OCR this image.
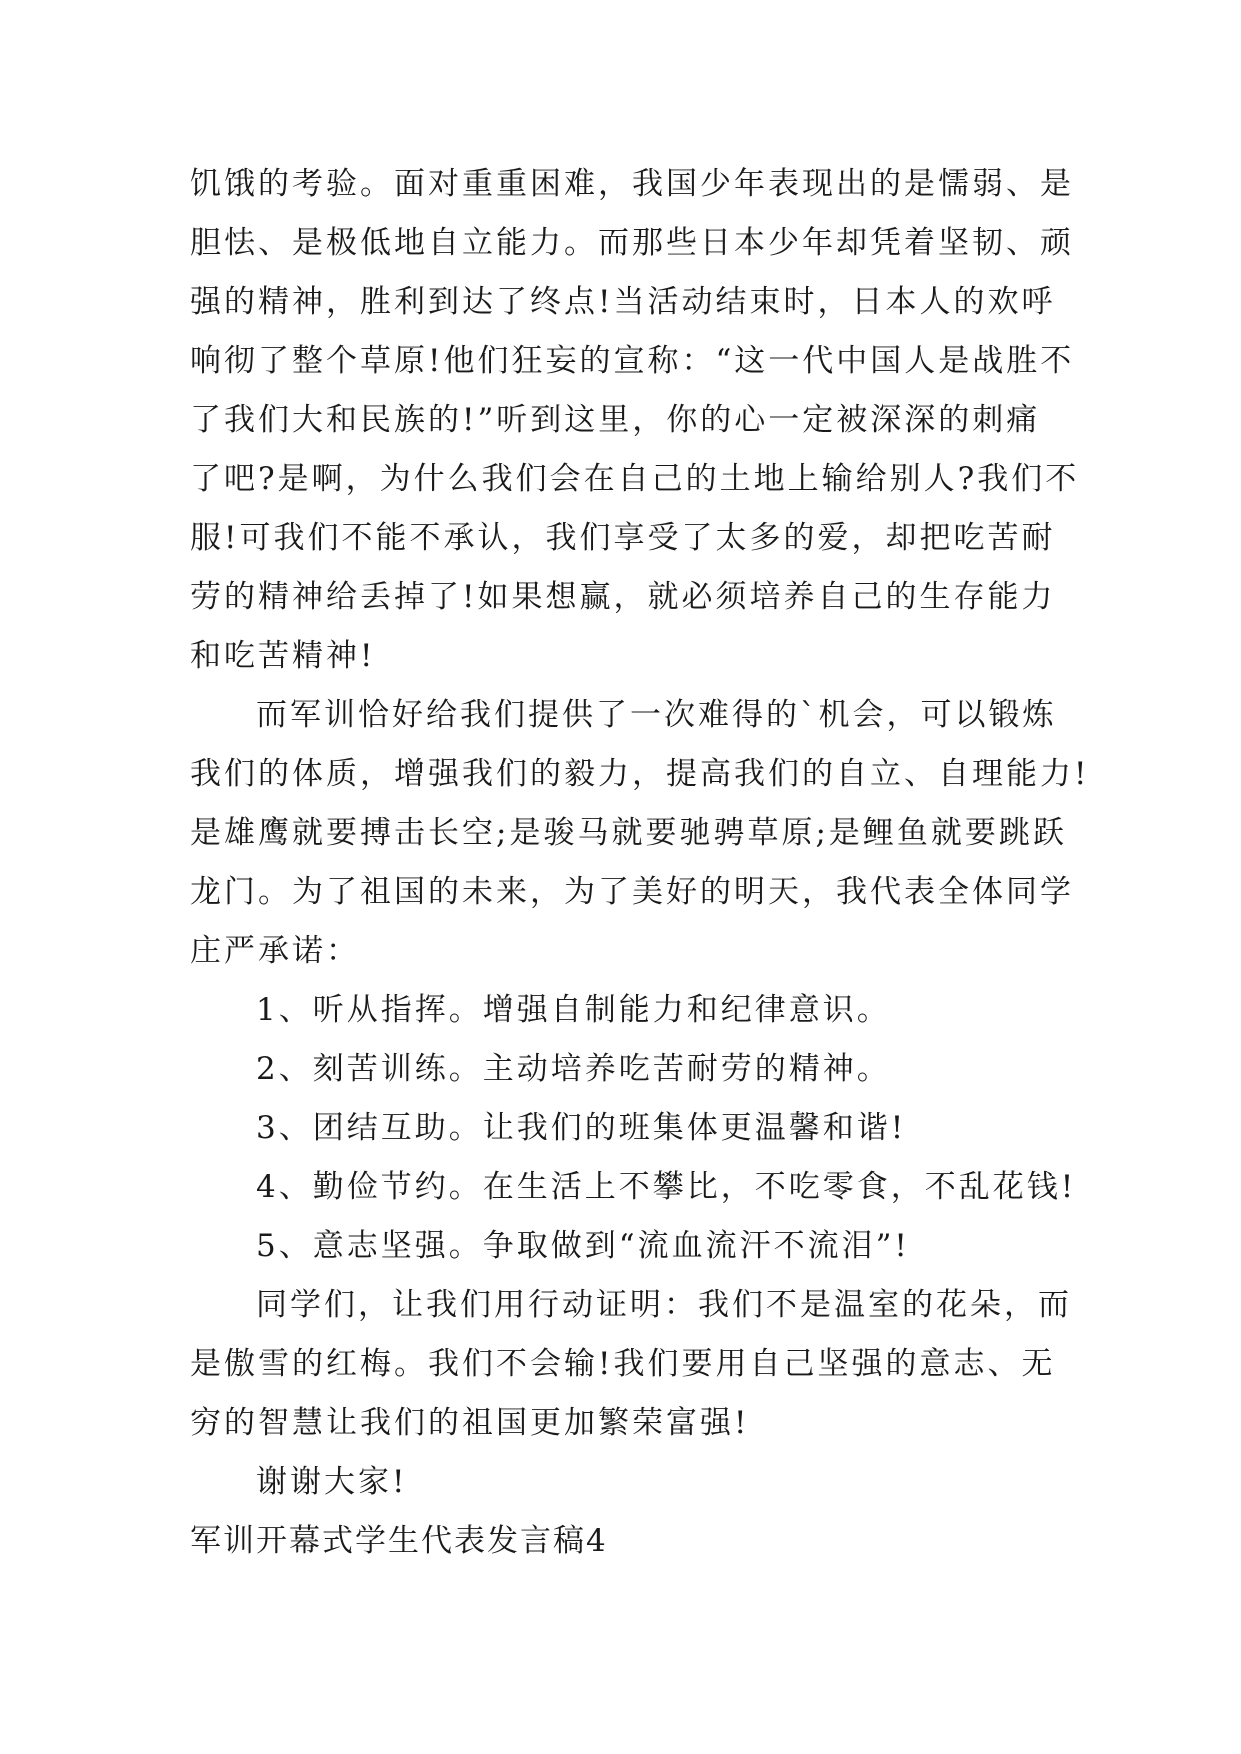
饥饿的考验。面对重重困难，我国少年表现出的是懦弱、是
胆怯、是极低地自立能力。而那些日本少年却凭着坚韧、顽
强的精神，胜利到达了终点!当活动结束时，日本人的欢呼
响彻了整个草原!他们狂妄的宣称：“这一代中国人是战胜不
了我们大和民族的!”听到这里，你的心一定被深深的刺痛
了吧?是啊，为什么我们会在自己的土地上输给别人?我们不
服!可我们不能不承认，我们享受了太多的爱，却把吃苦耐
劳的精神给丢掉了!如果想赢，就必须培养自己的生存能力
和吃苦精神!
而军训恰好给我们提供了一次难得的`机会，可以锻炼
我们的体质，增强我们的毅力，提高我们的自立、自理能力!
是雄鹰就要搏击长空;是骏马就要驰骋草原;是鲤鱼就要跳跃
龙门。为了祖国的未来，为了美好的明天，我代表全体同学
庄严承诺：
1、听从指挥。增强自制能力和纪律意识。
2、刻苦训练。主动培养吃苦耐劳的精神。
3、团结互助。让我们的班集体更温馨和谐!
4、勤俭节约。在生活上不攀比，不吃零食，不乱花钱!
5、意志坚强。争取做到“流血流汗不流泪”!
同学们，让我们用行动证明：我们不是温室的花朵，而
是傲雪的红梅。我们不会输!我们要用自己坚强的意志、无
穷的智慧让我们的祖国更加繁荣富强!
谢谢大家!
军训开幕式学生代表发言稿4
